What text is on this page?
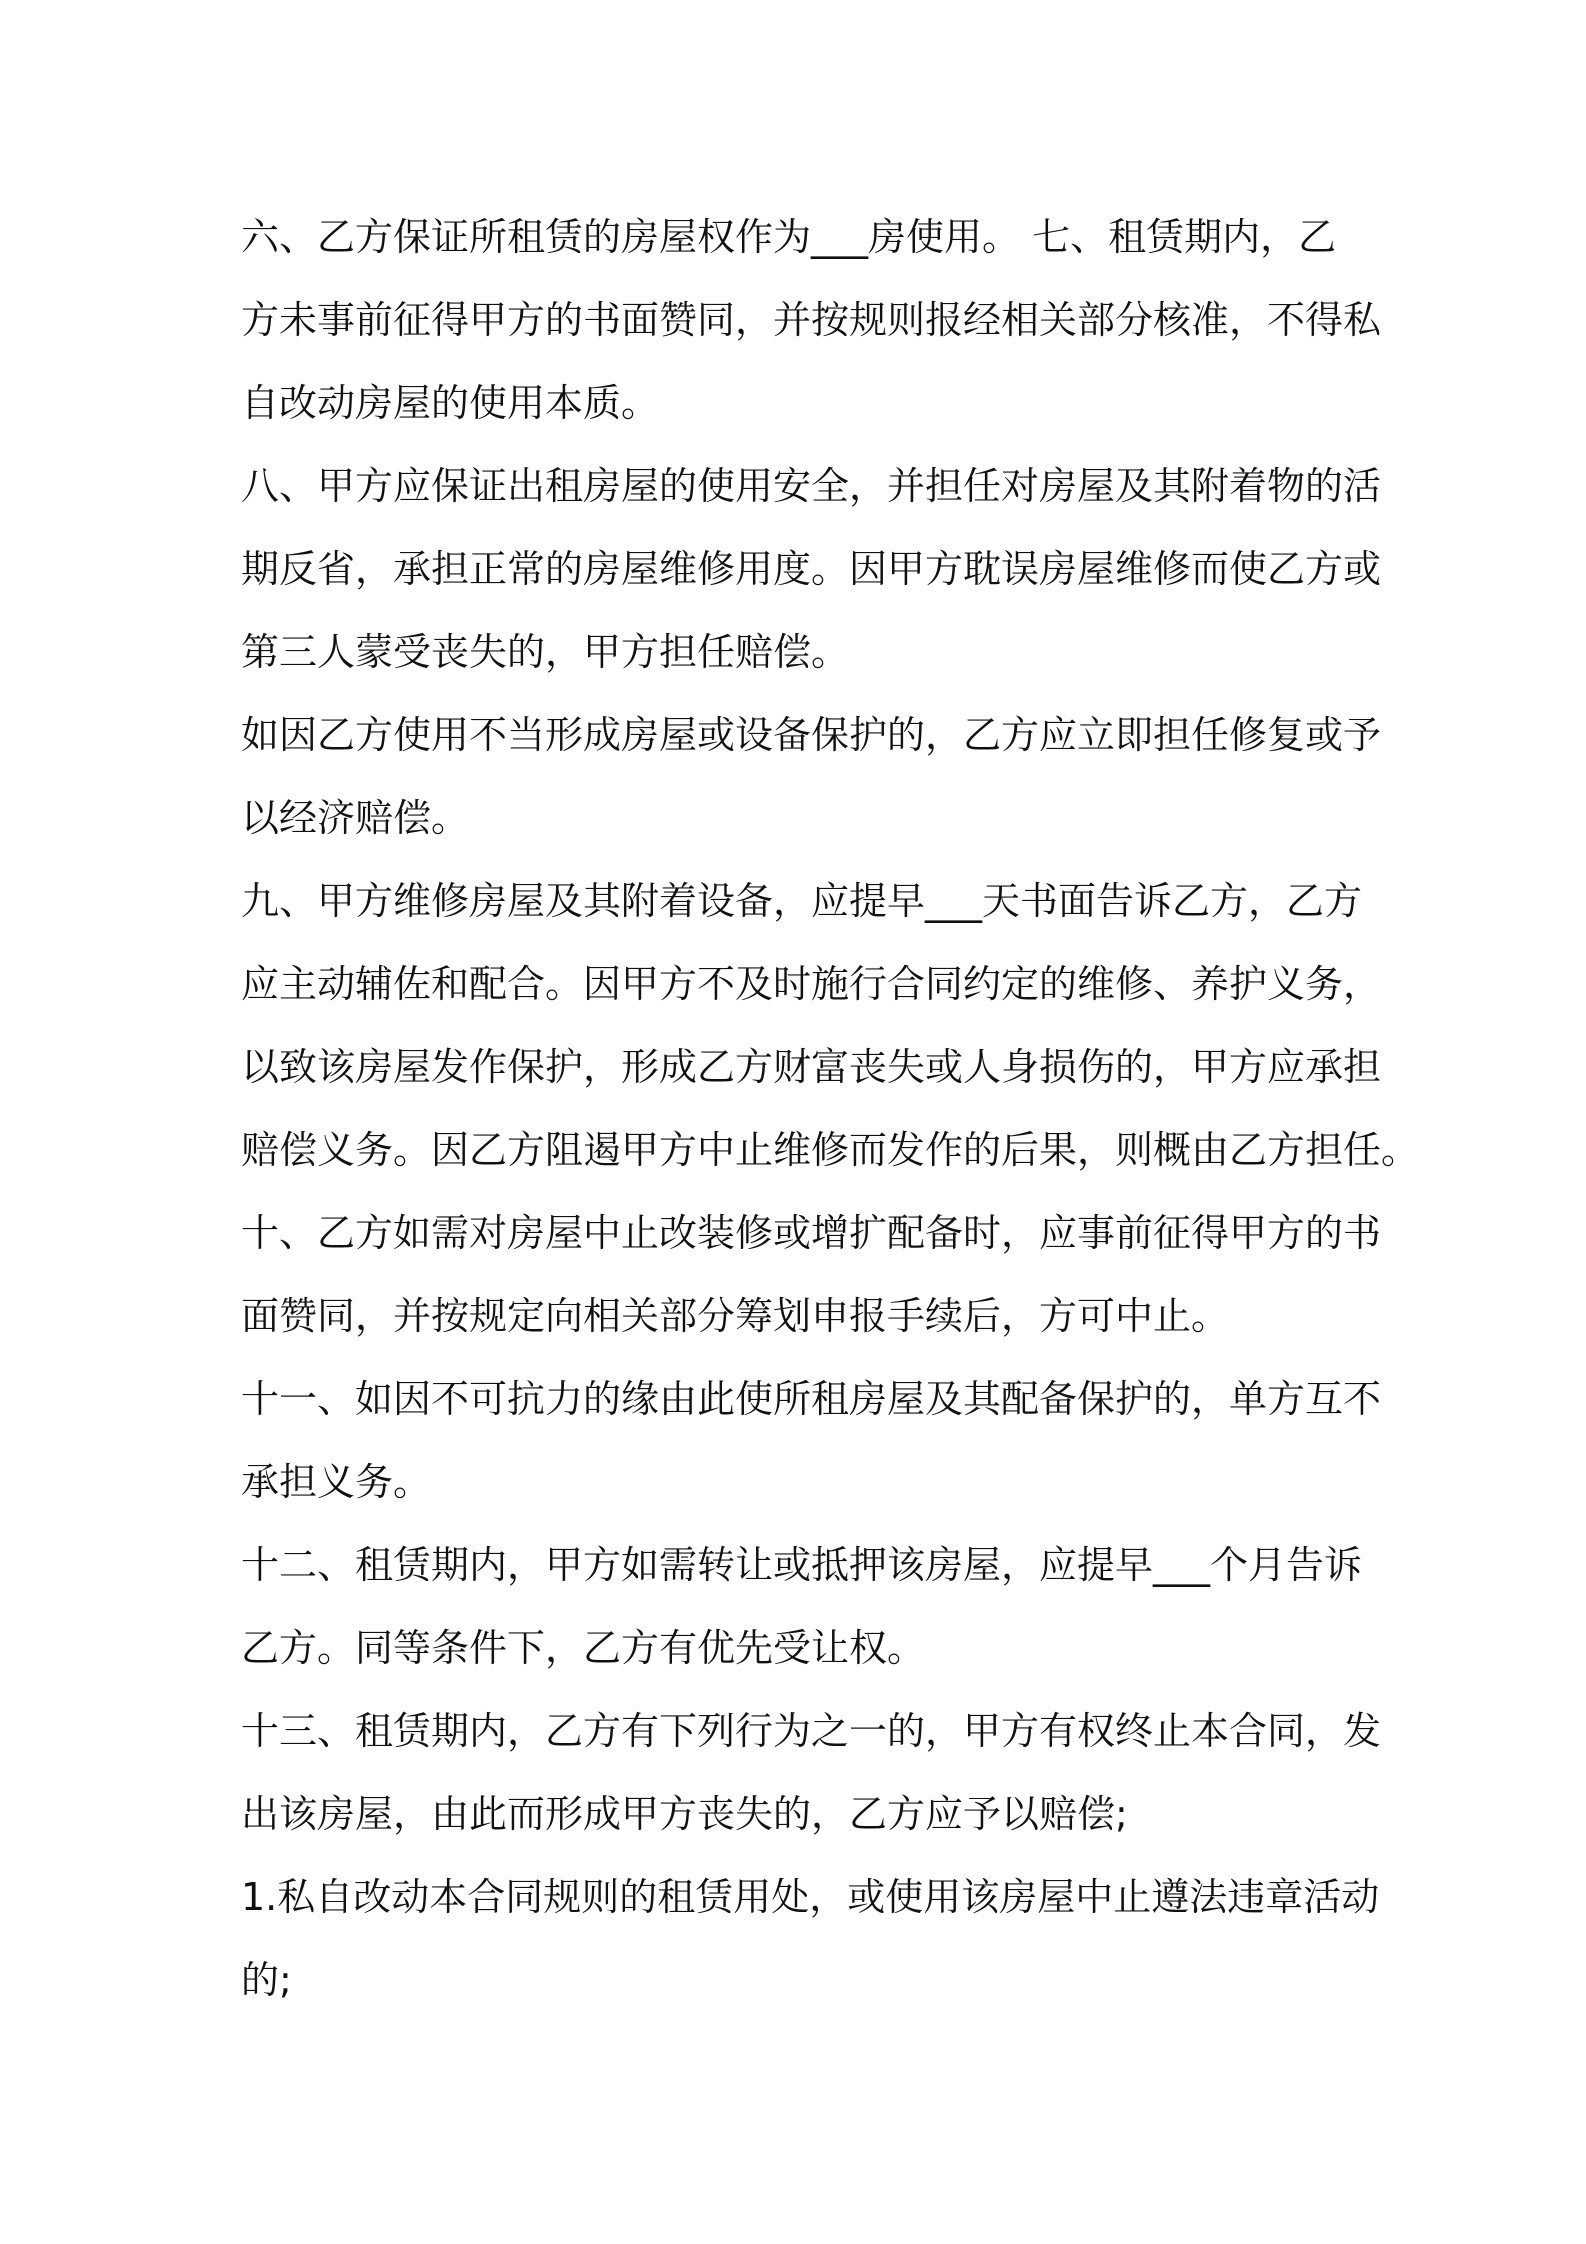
六、乙方保证所租赁的房屋权作为___房使用。 七、租赁期内，乙
方未事前征得甲方的书面赞同，并按规则报经相关部分核准，不得私
自改动房屋的使用本质。
八、甲方应保证出租房屋的使用安全，并担任对房屋及其附着物的活
期反省，承担正常的房屋维修用度。因甲方耽误房屋维修而使乙方或
第三人蒙受丧失的，甲方担任赔偿。
如因乙方使用不当形成房屋或设备保护的，乙方应立即担任修复或予
以经济赔偿。
九、甲方维修房屋及其附着设备，应提早___天书面告诉乙方，乙方
应主动辅佐和配合。因甲方不及时施行合同约定的维修、养护义务，
以致该房屋发作保护，形成乙方财富丧失或人身损伤的，甲方应承担
赔偿义务。因乙方阻遏甲方中止维修而发作的后果，则概由乙方担任。
十、乙方如需对房屋中止改装修或增扩配备时，应事前征得甲方的书
面赞同，并按规定向相关部分筹划申报手续后，方可中止。
十一、如因不可抗力的缘由此使所租房屋及其配备保护的，单方互不
承担义务。
十二、租赁期内，甲方如需转让或抵押该房屋，应提早___个月告诉
乙方。同等条件下，乙方有优先受让权。
十三、租赁期内，乙方有下列行为之一的，甲方有权终止本合同，发
出该房屋，由此而形成甲方丧失的，乙方应予以赔偿;
1.私自改动本合同规则的租赁用处，或使用该房屋中止遵法违章活动
的;
